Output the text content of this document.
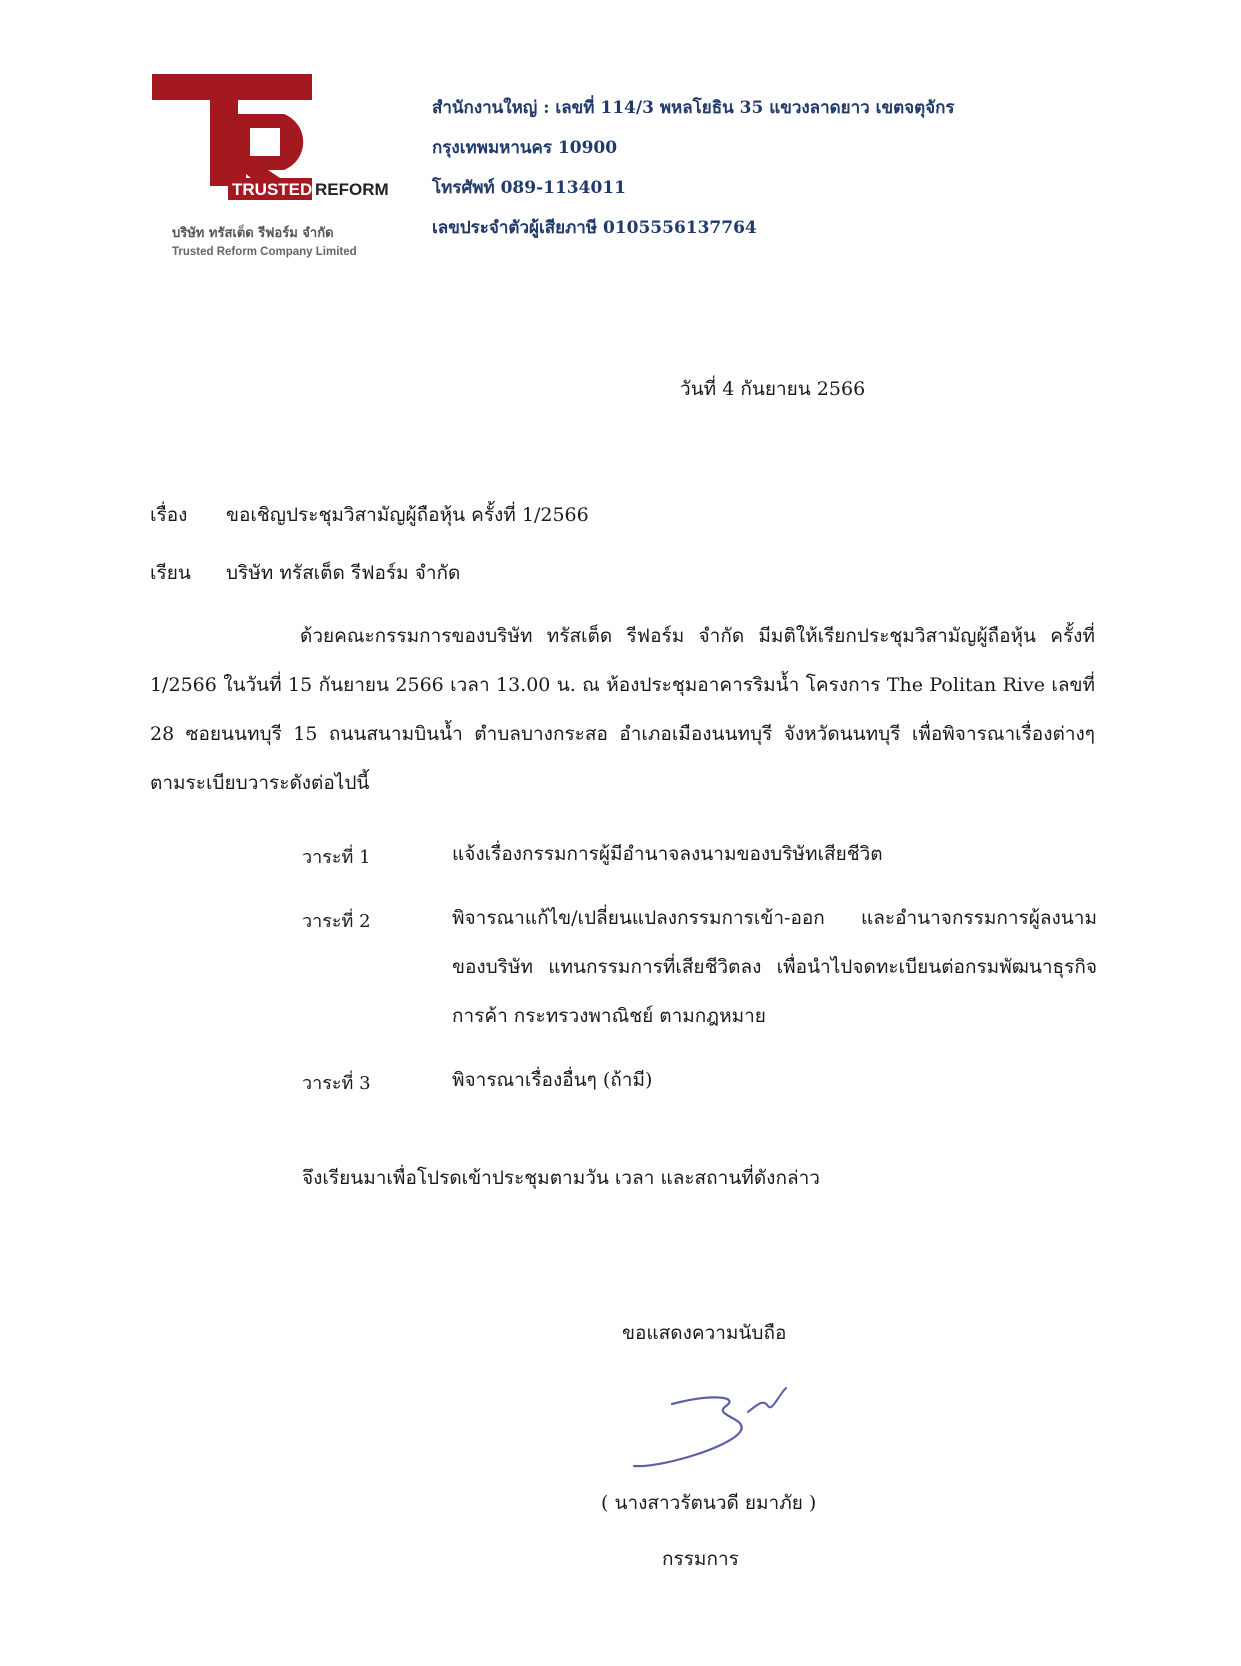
TRUSTED REFORM
บริษัท ทรัสเต็ด รีฟอร์ม จำกัด
Trusted Reform Company Limited
สำนักงานใหญ่ : เลขที่ 114/3 พหลโยธิน 35 แขวงลาดยาว เขตจตุจักร
กรุงเทพมหานคร 10900
โทรศัพท์ 089-1134011
เลขประจำตัวผู้เสียภาษี 0105556137764
วันที่ 4 กันยายน 2566
เรื่อง ขอเชิญประชุมวิสามัญผู้ถือหุ้น ครั้งที่ 1/2566
เรียน บริษัท ทรัสเต็ด รีฟอร์ม จำกัด
ด้วยคณะกรรมการของบริษัท ทรัสเต็ด รีฟอร์ม จำกัด มีมติให้เรียกประชุมวิสามัญผู้ถือหุ้น ครั้งที่ 1/2566 ในวันที่ 15 กันยายน 2566 เวลา 13.00 น. ณ ห้องประชุมอาคารริมน้ำ โครงการ The Politan Rive เลขที่ 28 ซอยนนทบุรี 15 ถนนสนามบินน้ำ ตำบลบางกระสอ อำเภอเมืองนนทบุรี จังหวัดนนทบุรี เพื่อพิจารณาเรื่องต่างๆ ตามระเบียบวาระดังต่อไปนี้
วาระที่ 1	แจ้งเรื่องกรรมการผู้มีอำนาจลงนามของบริษัทเสียชีวิต
วาระที่ 2	พิจารณาแก้ไข/เปลี่ยนแปลงกรรมการเข้า-ออก และอำนาจกรรมการผู้ลงนามของบริษัท แทนกรรมการที่เสียชีวิตลง เพื่อนำไปจดทะเบียนต่อกรมพัฒนาธุรกิจการค้า กระทรวงพาณิชย์ ตามกฎหมาย
วาระที่ 3	พิจารณาเรื่องอื่นๆ (ถ้ามี)
จึงเรียนมาเพื่อโปรดเข้าประชุมตามวัน เวลา และสถานที่ดังกล่าว
ขอแสดงความนับถือ
( นางสาวรัตนวดี ยมาภัย )
กรรมการ
